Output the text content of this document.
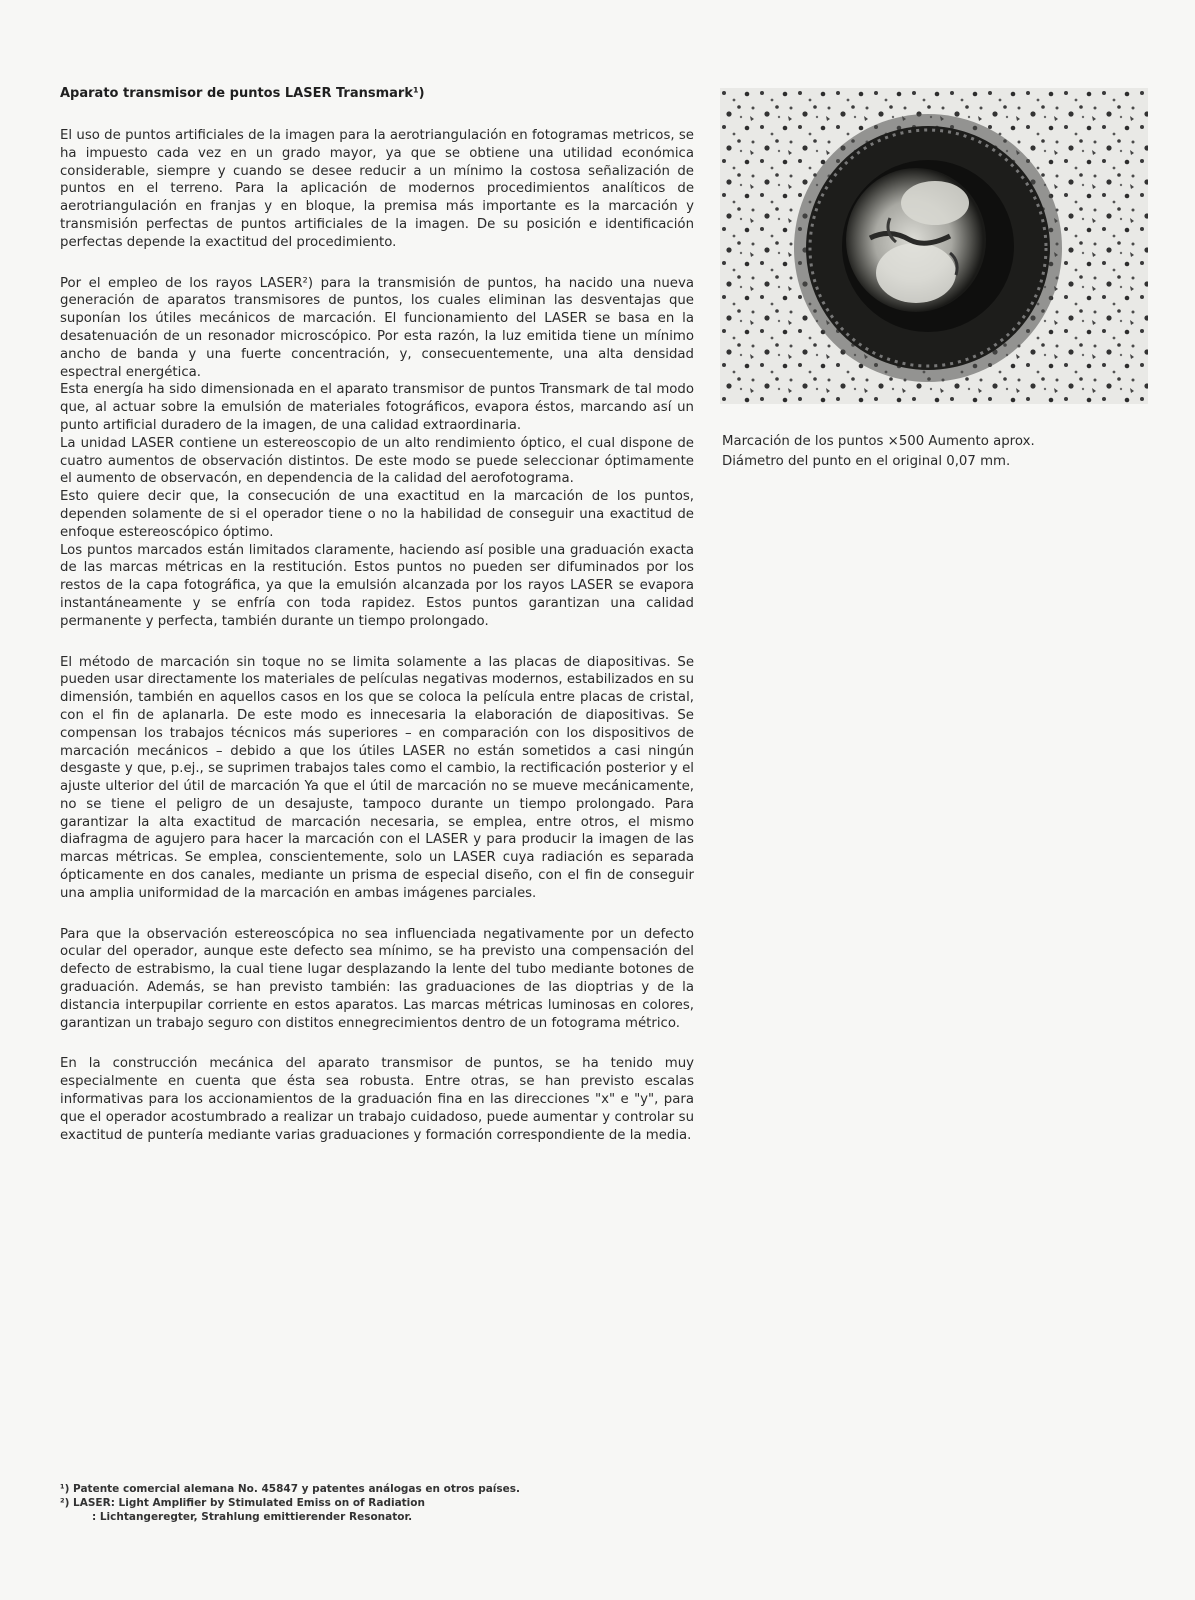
Aparato transmisor de puntos LASER Transmark¹)

El uso de puntos artificiales de la imagen para la aerotriangulación en fotogramas metricos, se ha impuesto cada vez en un grado mayor, ya que se obtiene una utilidad económica considerable, siempre y cuando se desee reducir a un mínimo la costosa señalización de puntos en el terreno. Para la aplicación de modernos procedimientos analíticos de aerotriangulación en franjas y en bloque, la premisa más importante es la marcación y transmisión perfectas de puntos artificiales de la imagen. De su posición e identificación perfectas depende la exactitud del procedimiento.

Por el empleo de los rayos LASER²) para la transmisión de puntos, ha nacido una nueva generación de aparatos transmisores de puntos, los cuales eliminan las desventajas que suponían los útiles mecánicos de marcación. El funcionamiento del LASER se basa en la desatenuación de un resonador microscópico. Por esta razón, la luz emitida tiene un mínimo ancho de banda y una fuerte concentración, y, consecuentemente, una alta densidad espectral energética.

Esta energía ha sido dimensionada en el aparato transmisor de puntos Transmark de tal modo que, al actuar sobre la emulsión de materiales fotográficos, evapora éstos, marcando así un punto artificial duradero de la imagen, de una calidad extraordinaria.

La unidad LASER contiene un estereoscopio de un alto rendimiento óptico, el cual dispone de cuatro aumentos de observación distintos. De este modo se puede seleccionar óptimamente el aumento de observacón, en dependencia de la calidad del aerofotograma.

Esto quiere decir que, la consecución de una exactitud en la marcación de los puntos, dependen solamente de si el operador tiene o no la habilidad de conseguir una exactitud de enfoque estereoscópico óptimo.

Los puntos marcados están limitados claramente, haciendo así posible una graduación exacta de las marcas métricas en la restitución. Estos puntos no pueden ser difuminados por los restos de la capa fotográfica, ya que la emulsión alcanzada por los rayos LASER se evapora instantáneamente y se enfría con toda rapidez. Estos puntos garantizan una calidad permanente y perfecta, también durante un tiempo prolongado.

El método de marcación sin toque no se limita solamente a las placas de diapositivas. Se pueden usar directamente los materiales de películas negativas modernos, estabilizados en su dimensión, también en aquellos casos en los que se coloca la película entre placas de cristal, con el fin de aplanarla. De este modo es innecesaria la elaboración de diapositivas. Se compensan los trabajos técnicos más superiores – en comparación con los dispositivos de marcación mecánicos – debido a que los útiles LASER no están sometidos a casi ningún desgaste y que, p.ej., se suprimen trabajos tales como el cambio, la rectificación posterior y el ajuste ulterior del útil de marcación Ya que el útil de marcación no se mueve mecánicamente, no se tiene el peligro de un desajuste, tampoco durante un tiempo prolongado. Para garantizar la alta exactitud de marcación necesaria, se emplea, entre otros, el mismo diafragma de agujero para hacer la marcación con el LASER y para producir la imagen de las marcas métricas. Se emplea, conscientemente, solo un LASER cuya radiación es separada ópticamente en dos canales, mediante un prisma de especial diseño, con el fin de conseguir una amplia uniformidad de la marcación en ambas imágenes parciales.

Para que la observación estereoscópica no sea influenciada negativamente por un defecto ocular del operador, aunque este defecto sea mínimo, se ha previsto una compensación del defecto de estrabismo, la cual tiene lugar desplazando la lente del tubo mediante botones de graduación. Además, se han previsto también: las graduaciones de las dioptrias y de la distancia interpupilar corriente en estos aparatos. Las marcas métricas luminosas en colores, garantizan un trabajo seguro con distitos ennegrecimientos dentro de un fotograma métrico.

En la construcción mecánica del aparato transmisor de puntos, se ha tenido muy especialmente en cuenta que ésta sea robusta. Entre otras, se han previsto escalas informativas para los accionamientos de la graduación fina en las direcciones "x" e "y", para que el operador acostumbrado a realizar un trabajo cuidadoso, puede aumentar y controlar su exactitud de puntería mediante varias graduaciones y formación correspondiente de la media.

Marcación de los puntos ×500 Aumento aprox.
Diámetro del punto en el original 0,07 mm.
¹) Patente comercial alemana No. 45847 y patentes análogas en otros países.
²) LASER: Light Amplifier by Stimulated Emiss on of Radiation
: Lichtangeregter, Strahlung emittierender Resonator.
